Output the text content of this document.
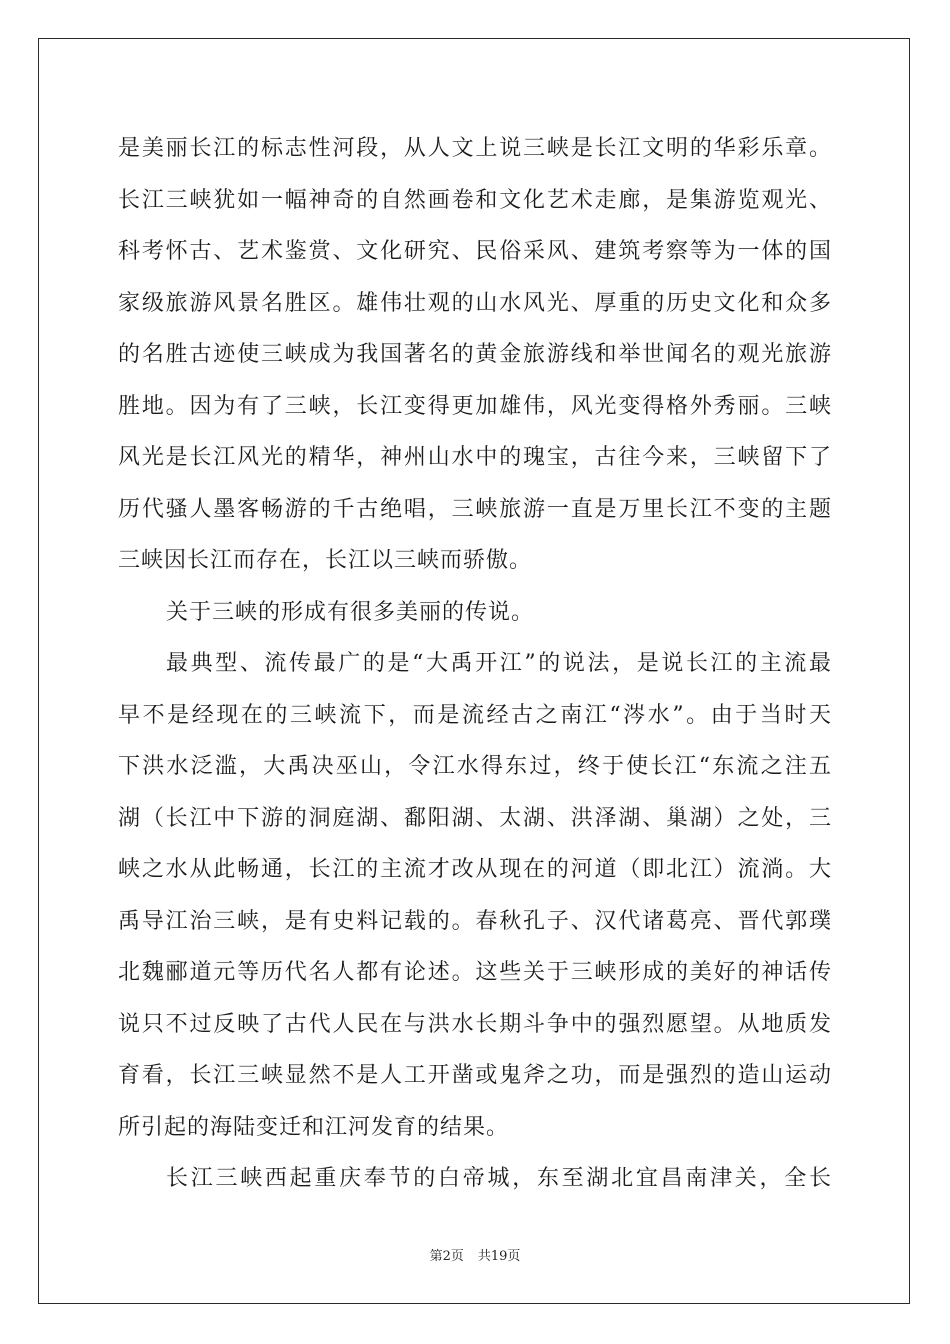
是美丽长江的标志性河段，从人文上说三峡是长江文明的华彩乐章。
长江三峡犹如一幅神奇的自然画卷和文化艺术走廊，是集游览观光、
科考怀古、艺术鉴赏、文化研究、民俗采风、建筑考察等为一体的国
家级旅游风景名胜区。雄伟壮观的山水风光、厚重的历史文化和众多
的名胜古迹使三峡成为我国著名的黄金旅游线和举世闻名的观光旅游
胜地。因为有了三峡，长江变得更加雄伟，风光变得格外秀丽。三峡
风光是长江风光的精华，神州山水中的瑰宝，古往今来，三峡留下了
历代骚人墨客畅游的千古绝唱，三峡旅游一直是万里长江不变的主题
三峡因长江而存在，长江以三峡而骄傲。
关于三峡的形成有很多美丽的传说。
最典型、流传最广的是“大禹开江”的说法，是说长江的主流最
早不是经现在的三峡流下，而是流经古之南江“涔水”。由于当时天
下洪水泛滥，大禹决巫山，令江水得东过，终于使长江“东流之注五
湖（长江中下游的洞庭湖、鄱阳湖、太湖、洪泽湖、巢湖）之处，三
峡之水从此畅通，长江的主流才改从现在的河道（即北江）流淌。大
禹导江治三峡，是有史料记载的。春秋孔子、汉代诸葛亮、晋代郭璞
北魏郦道元等历代名人都有论述。这些关于三峡形成的美好的神话传
说只不过反映了古代人民在与洪水长期斗争中的强烈愿望。从地质发
育看，长江三峡显然不是人工开凿或鬼斧之功，而是强烈的造山运动
所引起的海陆变迁和江河发育的结果。
第2页 共19页
长江三峡西起重庆奉节的白帝城，东至湖北宜昌南津关，全长
